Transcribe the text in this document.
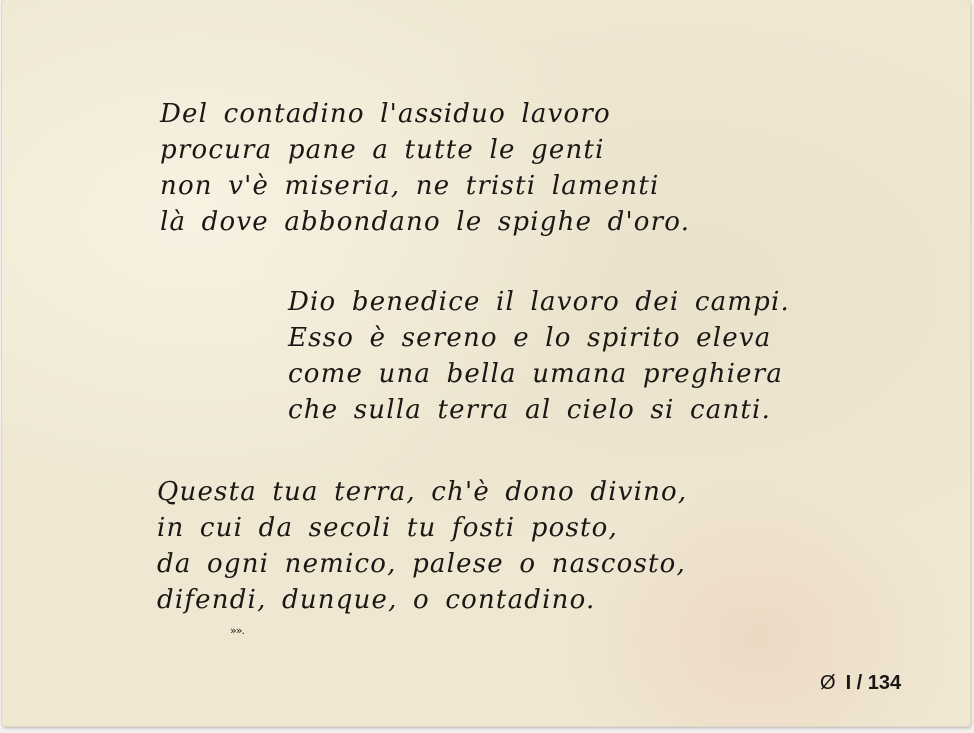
Del contadino l'assiduo lavoro
procura pane a tutte le genti
non v'è miseria, ne tristi lamenti
là dove abbondano le spighe d'oro.
Dio benedice il lavoro dei campi.
Esso è sereno e lo spirito eleva
come una bella umana preghiera
che sulla terra al cielo si canti.
Questa tua terra, ch'è dono divino,
in cui da secoli tu fosti posto,
da ogni nemico, palese o nascosto,
difendi, dunque, o contadino.
»».
Ø I / 134
